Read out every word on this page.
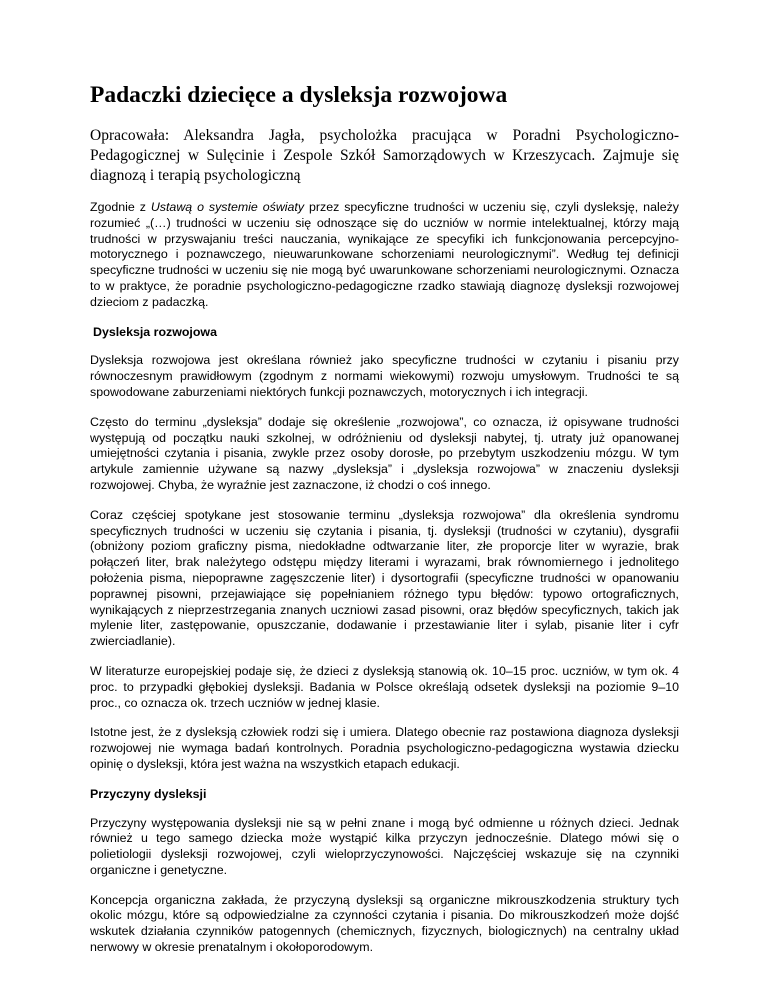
Padaczki dziecięce a dysleksja rozwojowa

Opracowała: Aleksandra Jagła, psycholożka pracująca w Poradni Psychologiczno-Pedagogicznej w Sulęcinie i Zespole Szkół Samorządowych w Krzeszycach. Zajmuje się diagnozą i terapią psychologiczną

Zgodnie z Ustawą o systemie oświaty przez specyficzne trudności w uczeniu się, czyli dysleksję, należy rozumieć „(…) trudności w uczeniu się odnoszące się do uczniów w normie intelektualnej, którzy mają trudności w przyswajaniu treści nauczania, wynikające ze specyfiki ich funkcjonowania percepcyjno-motorycznego i poznawczego, nieuwarunkowane schorzeniami neurologicznymi”. Według tej definicji specyficzne trudności w uczeniu się nie mogą być uwarunkowane schorzeniami neurologicznymi. Oznacza to w praktyce, że poradnie psychologiczno-pedagogiczne rzadko stawiają diagnozę dysleksji rozwojowej dzieciom z padaczką.

Dysleksja rozwojowa

Dysleksja rozwojowa jest określana również jako specyficzne trudności w czytaniu i pisaniu przy równoczesnym prawidłowym (zgodnym z normami wiekowymi) rozwoju umysłowym. Trudności te są spowodowane zaburzeniami niektórych funkcji poznawczych, motorycznych i ich integracji.

Często do terminu „dysleksja” dodaje się określenie „rozwojowa”, co oznacza, iż opisywane trudności występują od początku nauki szkolnej, w odróżnieniu od dysleksji nabytej, tj. utraty już opanowanej umiejętności czytania i pisania, zwykle przez osoby dorosłe, po przebytym uszkodzeniu mózgu. W tym artykule zamiennie używane są nazwy „dysleksja” i „dysleksja rozwojowa” w znaczeniu dysleksji rozwojowej. Chyba, że wyraźnie jest zaznaczone, iż chodzi o coś innego.

Coraz częściej spotykane jest stosowanie terminu „dysleksja rozwojowa” dla określenia syndromu specyficznych trudności w uczeniu się czytania i pisania, tj. dysleksji (trudności w czytaniu), dysgrafii (obniżony poziom graficzny pisma, niedokładne odtwarzanie liter, złe proporcje liter w wyrazie, brak połączeń liter, brak należytego odstępu między literami i wyrazami, brak równomiernego i jednolitego położenia pisma, niepoprawne zagęszczenie liter) i dysortografii (specyficzne trudności w opanowaniu poprawnej pisowni, przejawiające się popełnianiem różnego typu błędów: typowo ortograficznych, wynikających z nieprzestrzegania znanych uczniowi zasad pisowni, oraz błędów specyficznych, takich jak mylenie liter, zastępowanie, opuszczanie, dodawanie i przestawianie liter i sylab, pisanie liter i cyfr zwierciadlanie).

W literaturze europejskiej podaje się, że dzieci z dysleksją stanowią ok. 10–15 proc. uczniów, w tym ok. 4 proc. to przypadki głębokiej dysleksji. Badania w Polsce określają odsetek dysleksji na poziomie 9–10 proc., co oznacza ok. trzech uczniów w jednej klasie.

Istotne jest, że z dysleksją człowiek rodzi się i umiera. Dlatego obecnie raz postawiona diagnoza dysleksji rozwojowej nie wymaga badań kontrolnych. Poradnia psychologiczno-pedagogiczna wystawia dziecku opinię o dysleksji, która jest ważna na wszystkich etapach edukacji.

Przyczyny dysleksji

Przyczyny występowania dysleksji nie są w pełni znane i mogą być odmienne u różnych dzieci. Jednak również u tego samego dziecka może wystąpić kilka przyczyn jednocześnie. Dlatego mówi się o polietiologii dysleksji rozwojowej, czyli wieloprzyczynowości. Najczęściej wskazuje się na czynniki organiczne i genetyczne.

Koncepcja organiczna zakłada, że przyczyną dysleksji są organiczne mikrouszkodzenia struktury tych okolic mózgu, które są odpowiedzialne za czynności czytania i pisania. Do mikrouszkodzeń może dojść wskutek działania czynników patogennych (chemicznych, fizycznych, biologicznych) na centralny układ nerwowy w okresie prenatalnym i okołoporodowym.
